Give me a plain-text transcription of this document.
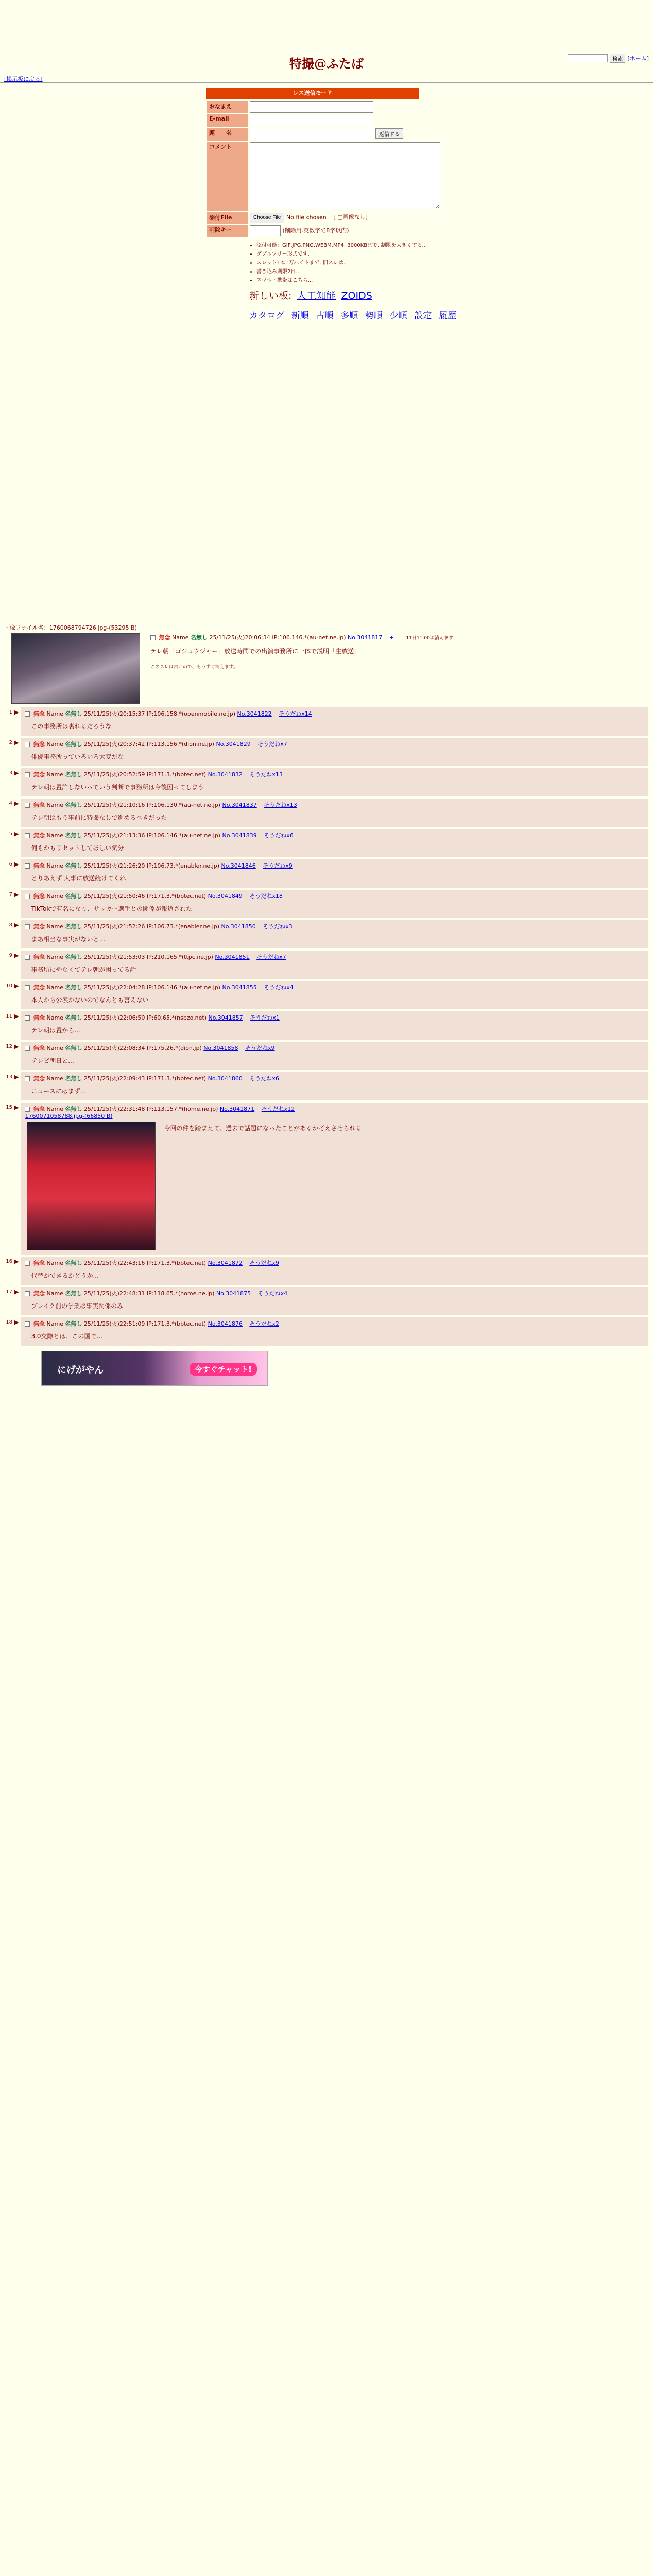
特撮@ふたば	検索 [ホーム]
[掲示板に戻る]
レス送信モード
おなまえ	
E-mail	
題　　名	返信する
コメント	
添付File	Choose File No file chosen [ □画像なし]
削除キー	(削除用.英数字で8字以内)
• 添付可能：GIF,JPG,PNG,WEBM,MP4. 3000KBまで. 制限を大きくする..
• ダブルツリー形式です.
• スレッド1本1万バイトまで. 旧スレは..
• 書き込み期限2日...
• スマホ・携帯はこちら...
新しい板: 人工知能 ZOIDS
カタログ 新順 古順 多順 勢順 少順 設定 履歴
画像ファイル名：1760068794726.jpg-(53295 B)
無念 Name 名無し 25/11/25(火)20:06:34 IP:106.146.*(au-net.ne.jp) No.3041817 +	11日11:00頃消えます
テレ朝「ゴジュウジャー」放送時間での出演事務所に一体で説明「生放送」
このスレは古いので、もうすぐ消えます。
1 ▶	無念 Name 名無し 25/11/25(火)20:15:37 IP:106.158.*(openmobile.ne.jp) No.3041822 そうだねx14
この事務所は裏れるだろうな
2 ▶	無念 Name 名無し 25/11/25(火)20:37:42 IP:113.156.*(dion.ne.jp) No.3041829 そうだねx7
俳優事務所っていろいろ大変だな
3 ▶	無念 Name 名無し 25/11/25(火)20:52:59 IP:171.3.*(bbtec.net) No.3041832 そうだねx13
テレ朝は置許しないっていう判断で事務所は今後困ってしまう
4 ▶	無念 Name 名無し 25/11/25(火)21:10:16 IP:106.130.*(au-net.ne.jp) No.3041837 そうだねx13
テレ朝はもう事前に特撮なしで進めるべきだった
5 ▶	無念 Name 名無し 25/11/25(火)21:13:36 IP:106.146.*(au-net.ne.jp) No.3041839 そうだねx6
何もかもリセットしてほしい気分
6 ▶	無念 Name 名無し 25/11/25(火)21:26:20 IP:106.73.*(enabler.ne.jp) No.3041846 そうだねx9
とりあえず 大事に放送続けてくれ
7 ▶	無念 Name 名無し 25/11/25(火)21:50:46 IP:171.3.*(bbtec.net) No.3041849 そうだねx18
TikTokで有名になり、サッカー選手との関係が報道された
8 ▶	無念 Name 名無し 25/11/25(火)21:52:26 IP:106.73.*(enabler.ne.jp) No.3041850 そうだねx3
まあ相当な事実がないと...
9 ▶	無念 Name 名無し 25/11/25(火)21:53:03 IP:210.165.*(ttpc.ne.jp) No.3041851 そうだねx7
事務所にやなくてテレ朝が困ってる話
10 ▶	無念 Name 名無し 25/11/25(火)22:04:28 IP:106.146.*(au-net.ne.jp) No.3041855 そうだねx4
本人から公表がないのでなんとも言えない
11 ▶	無念 Name 名無し 25/11/25(火)22:06:50 IP:60.65.*(nsbzo.net) No.3041857 そうだねx1
テレ朝は置から...
12 ▶	無念 Name 名無し 25/11/25(火)22:08:34 IP:175.26.*(dion.jp) No.3041858 そうだねx9
テレビ朝日と...
13 ▶	無念 Name 名無し 25/11/25(火)22:09:43 IP:171.3.*(bbtec.net) No.3041860 そうだねx6
ニュースにはまず...
15 ▶	無念 Name 名無し 25/11/25(火)22:31:48 IP:113.157.*(home.ne.jp) No.3041871 そうだねx12
1760071058788.jpg-(66850 B)
今回の件を踏まえて、過去で話題になったことがあるか考えさせられる
16 ▶	無念 Name 名無し 25/11/25(火)22:43:16 IP:171.3.*(bbtec.net) No.3041872 そうだねx9
代替ができるかどうか...
17 ▶	無念 Name 名無し 25/11/25(火)22:48:31 IP:118.65.*(home.ne.jp) No.3041875 そうだねx4
ブレイク前の学業は事実関係のみ
18 ▶	無念 Name 名無し 25/11/25(火)22:51:09 IP:171.3.*(bbtec.net) No.3041876 そうだねx2
3.0交際とは、この国で...
にげがやん	今すぐチャット!
